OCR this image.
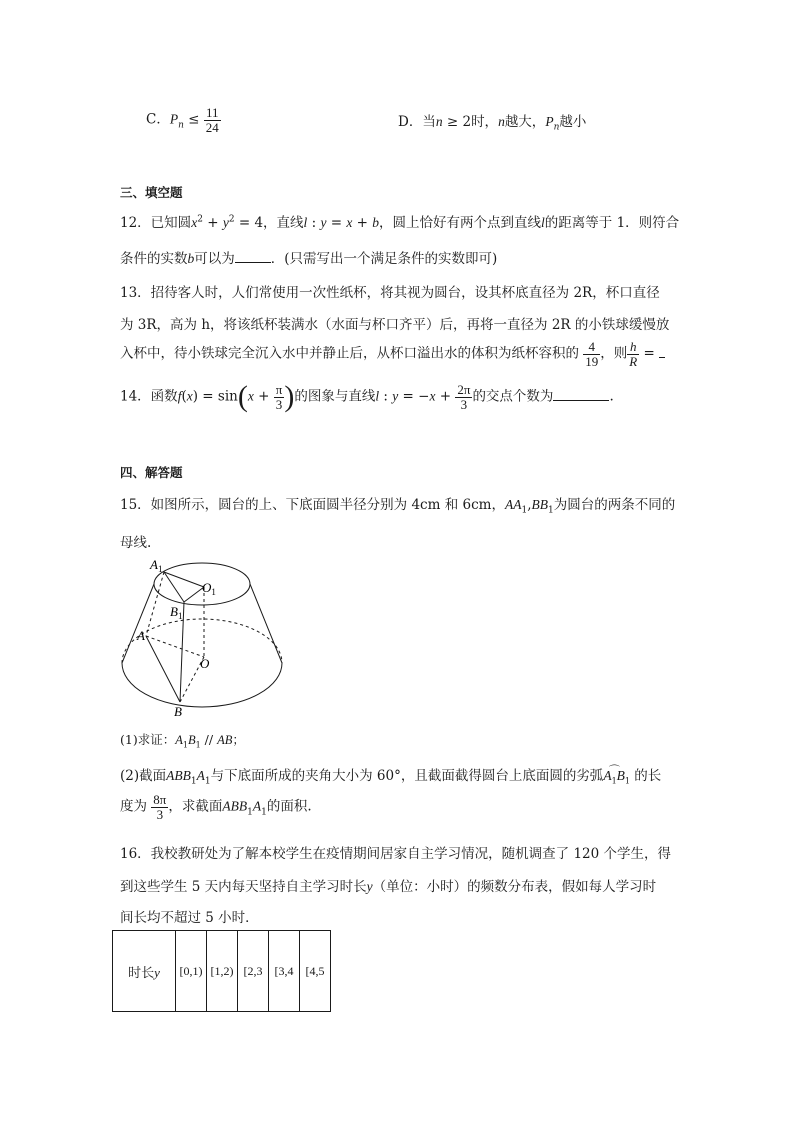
C．$P_n \le \frac{11}{24}$	D．当n ≥ 2时，n越大，$P_n$越小
三、填空题
12．已知圆$x^2 + y^2 = 4$，直线l : y = x + b，圆上恰好有两个点到直线l的距离等于 1．则符合
条件的实数b可以为	．(只需写出一个满足条件的实数即可)
13．招待客人时，人们常使用一次性纸杯，将其视为圆台，设其杯底直径为 2R，杯口直径
为 3R，高为 h，将该纸杯装满水（水面与杯口齐平）后，再将一直径为 2R 的小铁球缓慢放
入杯中，待小铁球完全沉入水中并静止后，从杯口溢出水的体积为纸杯容积的 $\frac{4}{19}$ ，则 $\frac{h}{R}$ =
14．函数$f(x) = \sin(x + \frac{\pi}{3}$ )的图象与直线l : $y = -x + \frac{2\pi}{3}$ 的交点个数为	.
四、解答题
15．如图所示，圆台的上、下底面圆半径分别为 4cm 和 6cm，$AA_1,BB_1$为圆台的两条不同的
母线.
$A_1$
$O_1$
$B_1$
A
O
B
(1)求证：$A_1B_1$ // AB；
(2)截面$ABB_1A_1$与下底面所成的夹角大小为 60°，且截面截得圆台上底面圆的劣弧 ⌒
$A_1B_1$ 的长
度为 $\frac{8\pi}{3}$ ，求截面$ABB_1A_1$的面积.
16．我校教研处为了解本校学生在疫情期间居家自主学习情况，随机调查了 120 个学生，得
到这些学生 5 天内每天坚持自主学习时长y（单位：小时）的频数分布表，假如每人学习时
间长均不超过 5 小时．
时长y	[0,1)	[1,2)	[2,3	[3,4	[4,5
